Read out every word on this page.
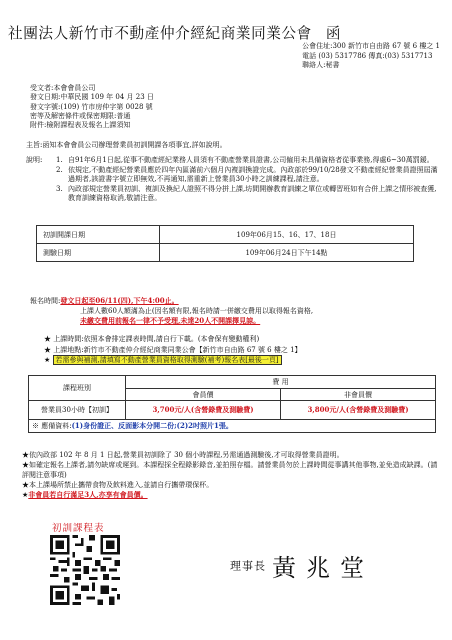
社團法人新竹市不動產仲介經紀商業同業公會 函
公會住址:300 新竹市自由路 67 號 6 樓之 1
電話 (03) 5317786 傳真:(03) 5317713
聯絡人:秘書
受文者:本會會員公司
發文日期:中華民國 109 年 04 月 23 日
發文字號:(109) 竹市房仲字第 0028 號
密等及解密條件或保密期限:普通
附件:檢附課程表及報名上課須知
主旨:函知本會會員公司辦理營業員初訓開課各項事宜,詳如說明。
說明:	1. 自91年6月1日起,從事不動產經紀業務人員須有不動產營業員證書,公司僱用未具備資格者從事業務,得處6~30萬罰鍰。
2. 依規定,不動產經紀營業員應於四年內區滿前六個月內複訓換證完成。內政部於99/10/28發文不動產經紀營業員證照屆滿過期者,該證書字號立即無效,不再通知,需重新上營業員30小時之訓練課程,請注意。
3. 內政部規定營業員初訓、複訓及換紀人證照不得分拼上課,坊間開辦教育訓練之單位或轉習班如有合併上課之情形被查獲,教育訓練資格取消,敬請注意。
初訓開課日期	109年06月15、16、17、18日
測驗日期	109年06月24日下午14點
報名時間:發文日起至06/11(四),下午4:00止。
上課人數60人額滿為止(因名額有限,報名時請一併繳交費用以取得報名資格,
未繳交費用前報名一律不予受理,未達20人不開課擇見諒。
★ 上課時間:依照本會排定課表時間,請自行下載。(本會保有變動權利)
★ 上課地點:新竹市不動產仲介經紀商業同業公會【新竹市自由路 67 號 6 樓之 1】
★ 若需參與補測,請填寫不動產營業員資格取得測驗(補考)報名表[最後一頁]
課程班別	費 用	
	會員價	非會員價
營業員30小時【初訓】	3,700元/人(含營錄費及測驗費)	3,800元/人(含營錄費及測驗費)
※ 應備資料:(1)身份證正、反面影本分開二份;(2)2吋照片1張。		
★依內政部 102 年 8 月 1 日起,營業員初訓除了 30 個小時課程,另需通過測驗後,才可取得營業員證明。
★如確定報名上課者,請勿缺席或遲到。本課程採全程錄影錄音,並拍照存檔。請營業員勿於上課時間從事講其他事物,並免造成缺課。(請評閱注意事項)
★本上課場所禁止攜帶食物及飲料進入,並請自行攜帶環保杯。
★非會員若自行滿足3人,亦享有會員價。
初訓課程表
理事長 黃兆堂
